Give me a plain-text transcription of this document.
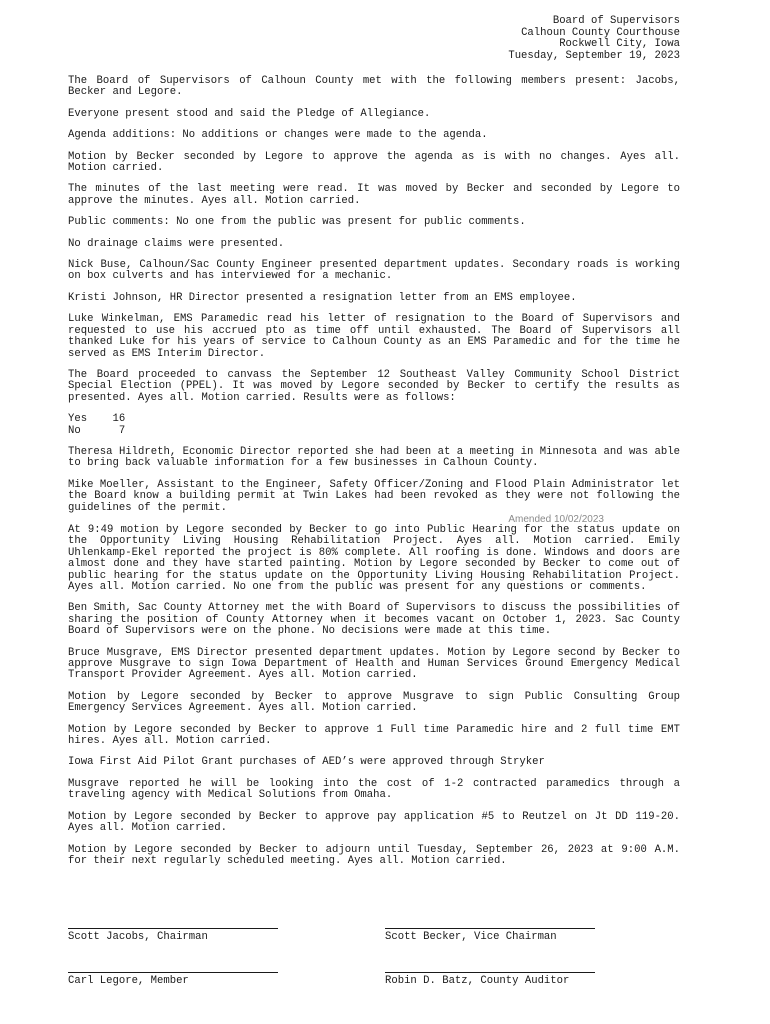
Board of Supervisors
Calhoun County Courthouse
Rockwell City, Iowa
Tuesday, September 19, 2023

The Board of Supervisors of Calhoun County met with the following members present: Jacobs, Becker and Legore.

Everyone present stood and said the Pledge of Allegiance.

Agenda additions: No additions or changes were made to the agenda.

Motion by Becker seconded by Legore to approve the agenda as is with no changes. Ayes all. Motion carried.

The minutes of the last meeting were read. It was moved by Becker and seconded by Legore to approve the minutes. Ayes all. Motion carried.

Public comments: No one from the public was present for public comments.

No drainage claims were presented.

Nick Buse, Calhoun/Sac County Engineer presented department updates. Secondary roads is working on box culverts and has interviewed for a mechanic.

Kristi Johnson, HR Director presented a resignation letter from an EMS employee.

Luke Winkelman, EMS Paramedic read his letter of resignation to the Board of Supervisors and requested to use his accrued pto as time off until exhausted. The Board of Supervisors all thanked Luke for his years of service to Calhoun County as an EMS Paramedic and for the time he served as EMS Interim Director.

The Board proceeded to canvass the September 12 Southeast Valley Community School District Special Election (PPEL). It was moved by Legore seconded by Becker to certify the results as presented. Ayes all. Motion carried. Results were as follows:

Yes 16
No	7

Theresa Hildreth, Economic Director reported she had been at a meeting in Minnesota and was able to bring back valuable information for a few businesses in Calhoun County.

Mike Moeller, Assistant to the Engineer, Safety Officer/Zoning and Flood Plain Administrator let the Board know a building permit at Twin Lakes had been revoked as they were not following the guidelines of the permit.

Amended 10/02/2023

At 9:49 motion by Legore seconded by Becker to go into Public Hearing for the status update on the Opportunity Living Housing Rehabilitation Project. Ayes all. Motion carried. Emily Uhlenkamp-Ekel reported the project is 80% complete. All roofing is done. Windows and doors are almost done and they have started painting. Motion by Legore seconded by Becker to come out of public hearing for the status update on the Opportunity Living Housing Rehabilitation Project. Ayes all. Motion carried. No one from the public was present for any questions or comments.

Ben Smith, Sac County Attorney met the with Board of Supervisors to discuss the possibilities of sharing the position of County Attorney when it becomes vacant on October 1, 2023. Sac County Board of Supervisors were on the phone. No decisions were made at this time.

Bruce Musgrave, EMS Director presented department updates. Motion by Legore second by Becker to approve Musgrave to sign Iowa Department of Health and Human Services Ground Emergency Medical Transport Provider Agreement. Ayes all. Motion carried.

Motion by Legore seconded by Becker to approve Musgrave to sign Public Consulting Group Emergency Services Agreement. Ayes all. Motion carried.

Motion by Legore seconded by Becker to approve 1 Full time Paramedic hire and 2 full time EMT hires. Ayes all. Motion carried.

Iowa First Aid Pilot Grant purchases of AED’s were approved through Stryker

Musgrave reported he will be looking into the cost of 1-2 contracted paramedics through a traveling agency with Medical Solutions from Omaha.

Motion by Legore seconded by Becker to approve pay application #5 to Reutzel on Jt DD 119-20. Ayes all. Motion carried.

Motion by Legore seconded by Becker to adjourn until Tuesday, September 26, 2023 at 9:00 A.M. for their next regularly scheduled meeting. Ayes all. Motion carried.

Scott Jacobs, Chairman	Scott Becker, Vice Chairman
Carl Legore, Member	Robin D. Batz, County Auditor
